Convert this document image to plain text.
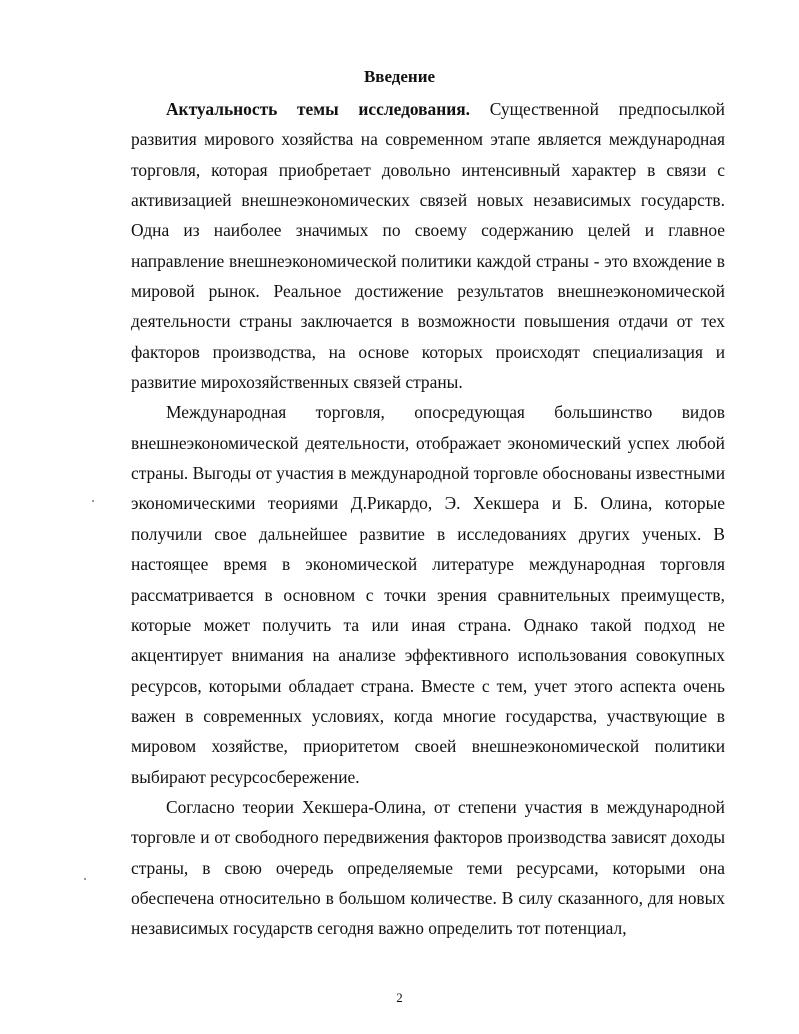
Введение

Актуальность темы исследования. Существенной предпосылкой развития мирового хозяйства на современном этапе является международная торговля, которая приобретает довольно интенсивный характер в связи с активизацией внешнеэкономических связей новых независимых государств. Одна из наиболее значимых по своему содержанию целей и главное направление внешнеэкономической политики каждой страны - это вхождение в мировой рынок. Реальное достижение результатов внешнеэкономической деятельности страны заключается в возможности повышения отдачи от тех факторов производства, на основе которых происходят специализация и развитие мирохозяйственных связей страны.

Международная торговля, опосредующая большинство видов внешнеэкономической деятельности, отображает экономический успех любой страны. Выгоды от участия в международной торговле обоснованы известными экономическими теориями Д.Рикардо, Э. Хекшера и Б. Олина, которые получили свое дальнейшее развитие в исследованиях других ученых. В настоящее время в экономической литературе международная торговля рассматривается в основном с точки зрения сравнительных преимуществ, которые может получить та или иная страна. Однако такой подход не акцентирует внимания на анализе эффективного использования совокупных ресурсов, которыми обладает страна. Вместе с тем, учет этого аспекта очень важен в современных условиях, когда многие государства, участвующие в мировом хозяйстве, приоритетом своей внешнеэкономической политики выбирают ресурсосбережение.

Согласно теории Хекшера-Олина, от степени участия в международной торговле и от свободного передвижения факторов производства зависят доходы страны, в свою очередь определяемые теми ресурсами, которыми она обеспечена относительно в большом количестве. В силу сказанного, для новых независимых государств сегодня важно определить тот потенциал,

2
